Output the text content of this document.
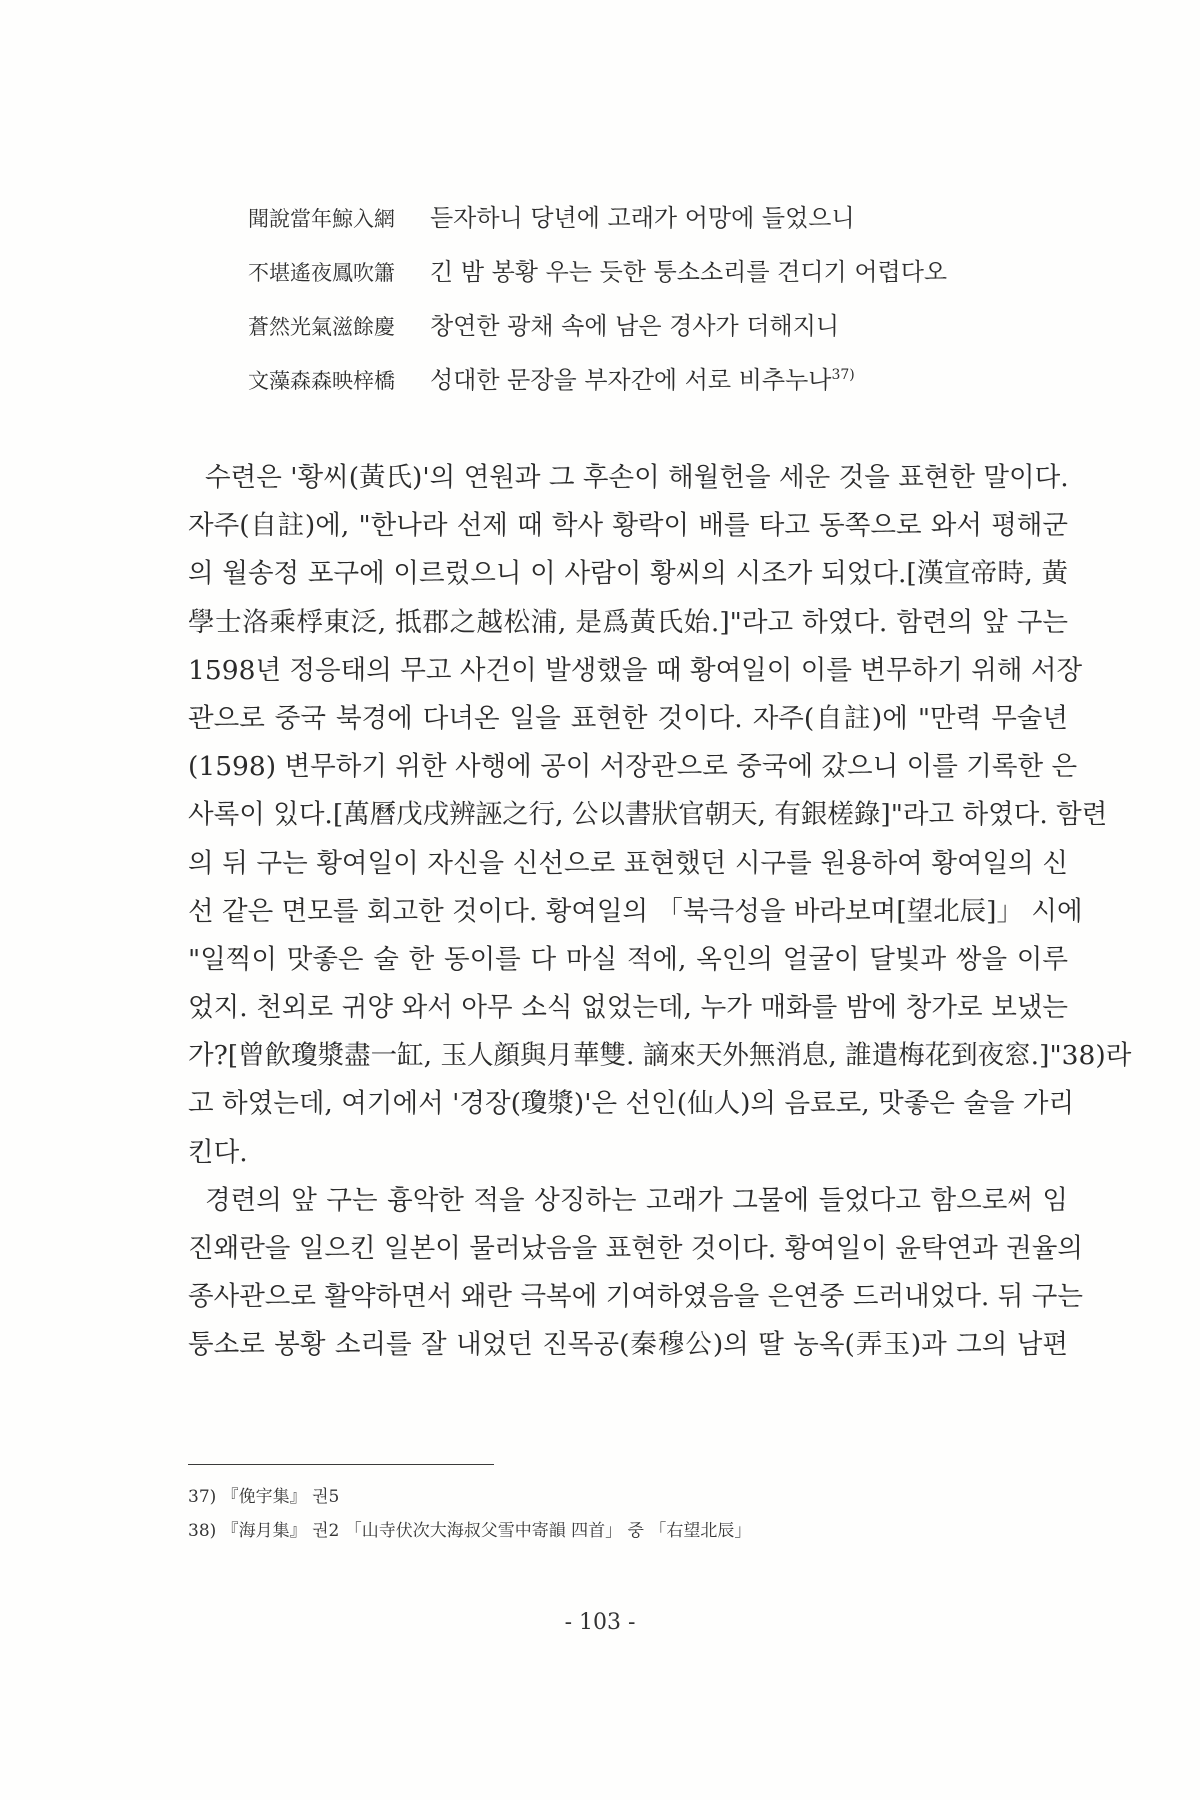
聞說當年鯨入網	듣자하니 당년에 고래가 어망에 들었으니
不堪遙夜鳳吹簫	긴 밤 봉황 우는 듯한 퉁소소리를 견디기 어렵다오
蒼然光氣滋餘慶	창연한 광채 속에 남은 경사가 더해지니
文藻森森映梓橋	성대한 문장을 부자간에 서로 비추누나$^{37)}$
수련은 '황씨(黃氏)'의 연원과 그 후손이 해월헌을 세운 것을 표현한 말이다.
자주(自註)에, "한나라 선제 때 학사 황락이 배를 타고 동쪽으로 와서 평해군
의 월송정 포구에 이르렀으니 이 사람이 황씨의 시조가 되었다.[漢宣帝時, 黃
學士洛乘桴東泛, 抵郡之越松浦, 是爲黃氏始.]"라고 하였다. 함련의 앞 구는
1598년 정응태의 무고 사건이 발생했을 때 황여일이 이를 변무하기 위해 서장
관으로 중국 북경에 다녀온 일을 표현한 것이다. 자주(自註)에 "만력 무술년
(1598) 변무하기 위한 사행에 공이 서장관으로 중국에 갔으니 이를 기록한 은
사록이 있다.[萬曆戊戌辨誣之行, 公以書狀官朝天, 有銀槎錄]"라고 하였다. 함련
의 뒤 구는 황여일이 자신을 신선으로 표현했던 시구를 원용하여 황여일의 신
선 같은 면모를 회고한 것이다. 황여일의 「북극성을 바라보며[望北辰]」 시에
"일찍이 맛좋은 술 한 동이를 다 마실 적에, 옥인의 얼굴이 달빛과 쌍을 이루
었지. 천외로 귀양 와서 아무 소식 없었는데, 누가 매화를 밤에 창가로 보냈는
가?[曾飮瓊漿盡一缸, 玉人顔與月華雙. 謫來天外無消息, 誰遣梅花到夜窓.]"38)라
고 하였는데, 여기에서 '경장(瓊漿)'은 선인(仙人)의 음료로, 맛좋은 술을 가리
킨다.
경련의 앞 구는 흉악한 적을 상징하는 고래가 그물에 들었다고 함으로써 임
진왜란을 일으킨 일본이 물러났음을 표현한 것이다. 황여일이 윤탁연과 권율의
종사관으로 활약하면서 왜란 극복에 기여하였음을 은연중 드러내었다. 뒤 구는
퉁소로 봉황 소리를 잘 내었던 진목공(秦穆公)의 딸 농옥(弄玉)과 그의 남편
37) 『俛宇集』 권5
38) 『海月集』 권2 「山寺伏次大海叔父雪中寄韻 四首」 중 「右望北辰」
- 103 -
